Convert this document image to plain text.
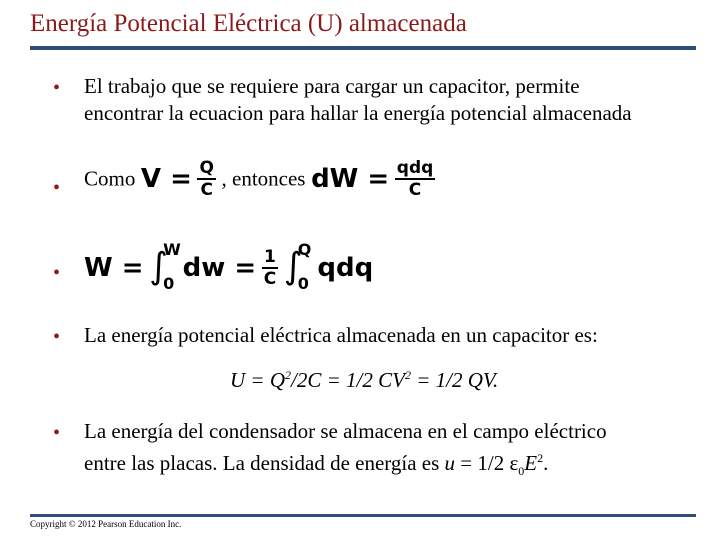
Energía Potencial Eléctrica (U) almacenada
• El trabajo que se requiere para cargar un capacitor, permite
encontrar la ecuacion para hallar la energía potencial almacenada
• Como $V = \frac{Q}{C}$ , entonces dW = $\frac{\text{qdq}}{C}$
• W = ∫
W
0
dw = $\frac{1}{C}$
∫
Q
0
qdq
• La energía potencial eléctrica almacenada en un capacitor es:
$U = Q^2/2C = 1/2$ $CV^2 = 1/2$ QV.
• La energía del condensador se almacena en el campo eléctrico
entre las placas. La densidad de energía es u = 1/2 $\varepsilon_0E^2$.
Copyright © 2012 Pearson Education Inc.
